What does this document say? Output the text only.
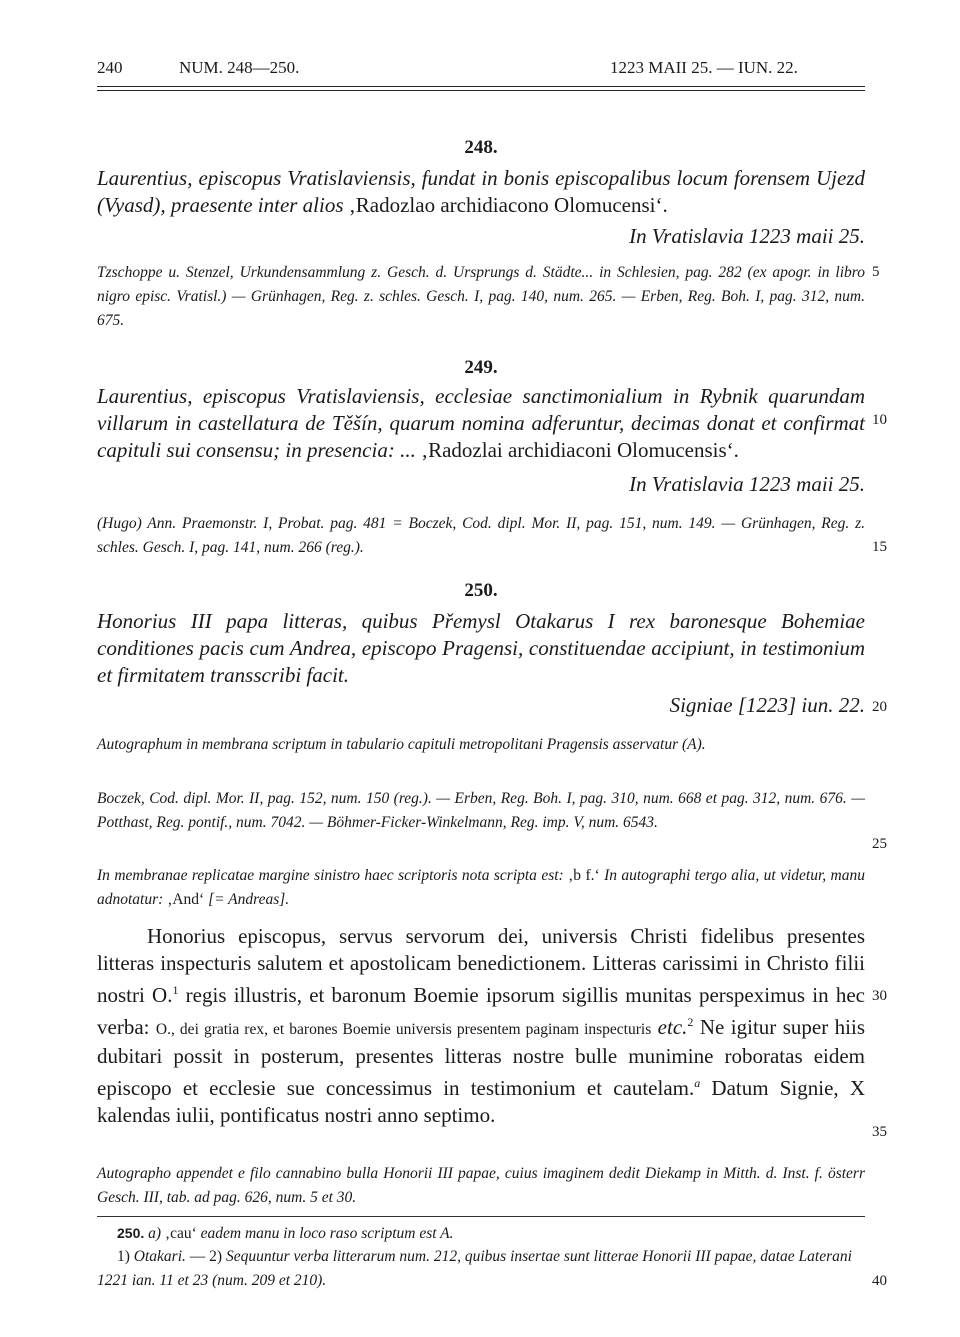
240	NUM. 248—250.	1223 MAII 25. — IUN. 22.
248.
Laurentius, episcopus Vratislaviensis, fundat in bonis episcopalibus locum forensem Ujezd (Vyasd), praesente inter alios ‚Radozlao archidiacono Olomucensi‘.
In Vratislavia 1223 maii 25.
Tzschoppe u. Stenzel, Urkundensammlung z. Gesch. d. Ursprungs d. Städte... in Schlesien, pag. 282 (ex apogr. in libro nigro episc. Vratisl.) — Grünhagen, Reg. z. schles. Gesch. I, pag. 140, num. 265. — Erben, Reg. Boh. I, pag. 312, num. 675.
249.
Laurentius, episcopus Vratislaviensis, ecclesiae sanctimonialium in Rybnik quarundam villarum in castellatura de Těšín, quarum nomina adferuntur, decimas donat et confirmat capituli sui consensu; in presencia: ... ‚Radozlai archidiaconi Olomucensis‘.
In Vratislavia 1223 maii 25.
(Hugo) Ann. Praemonstr. I, Probat. pag. 481 = Boczek, Cod. dipl. Mor. II, pag. 151, num. 149. — Grünhagen, Reg. z. schles. Gesch. I, pag. 141, num. 266 (reg.).
250.
Honorius III papa litteras, quibus Přemysl Otakarus I rex baronesque Bohemiae conditiones pacis cum Andrea, episcopo Pragensi, constituendae accipiunt, in testimonium et firmitatem transscribi facit.
Signiae [1223] iun. 22.
Autographum in membrana scriptum in tabulario capituli metropolitani Pragensis asservatur (A).
Boczek, Cod. dipl. Mor. II, pag. 152, num. 150 (reg.). — Erben, Reg. Boh. I, pag. 310, num. 668 et pag. 312, num. 676. — Potthast, Reg. pontif., num. 7042. — Böhmer-Ficker-Winkelmann, Reg. imp. V, num. 6543.
In membranae replicatae margine sinistro haec scriptoris nota scripta est: ‚b f.‘ In autographi tergo alia, ut videtur, manu adnotatur: ‚And‘ [= Andreas].
Honorius episcopus, servus servorum dei, universis Christi fidelibus presentes litteras inspecturis salutem et apostolicam benedictionem. Litteras carissimi in Christo filii nostri O.$^1$ regis illustris, et baronum Boemie ipsorum sigillis munitas perspeximus in hec verba: O., dei gratia rex, et barones Boemie universis presentem paginam inspecturis etc.$^2$ Ne igitur super hiis dubitari possit in posterum, presentes litteras nostre bulle munimine roboratas eidem episcopo et ecclesie sue concessimus in testimonium et cautelam.$^a$ Datum Signie, X kalendas iulii, pontificatus nostri anno septimo.
Autographo appendet e filo cannabino bulla Honorii III papae, cuius imaginem dedit Diekamp in Mitth. d. Inst. f. österr Gesch. III, tab. ad pag. 626, num. 5 et 30.
250. a) ‚cau‘ eadem manu in loco raso scriptum est A.
1) Otakari. — 2) Sequuntur verba litterarum num. 212, quibus insertae sunt litterae Honorii III papae, datae Laterani 1221 ian. 11 et 23 (num. 209 et 210).
5
10
15
20
25
30
35
40
